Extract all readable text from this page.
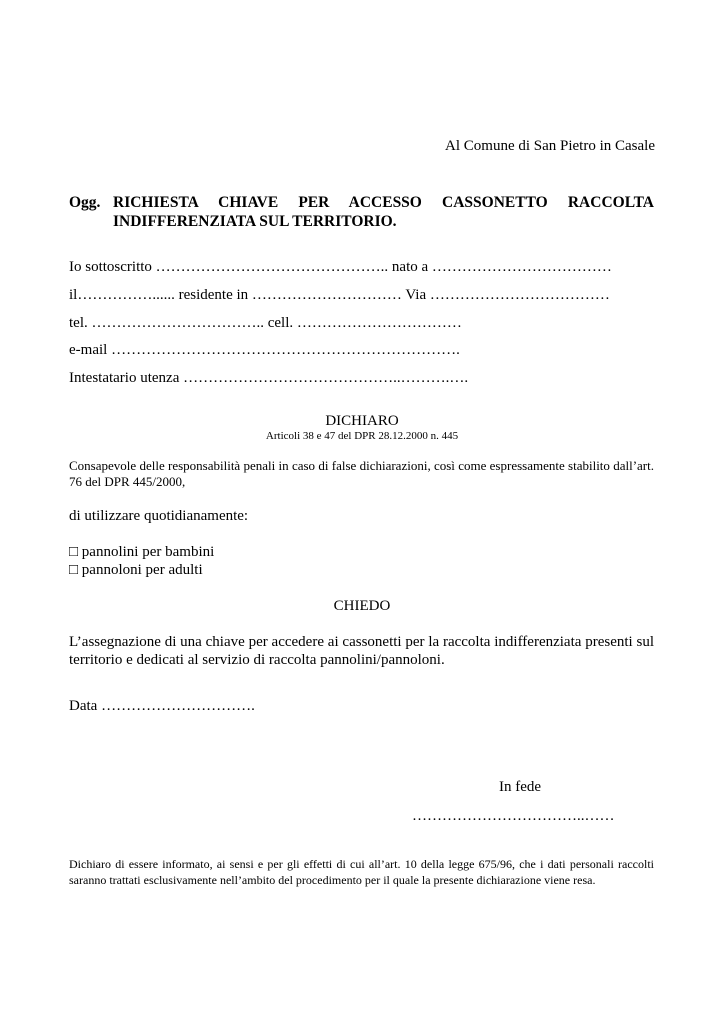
Al Comune di San Pietro in Casale
Ogg. RICHIESTA CHIAVE PER ACCESSO CASSONETTO RACCOLTA
INDIFFERENZIATA SUL TERRITORIO.
Io sottoscritto ……………………………………….. nato a ………………………………
il……………...... residente in ………………………… Via ………………………………
tel. …………………………….. cell. ……………………………
e-mail …………………………………………………………….
Intestatario utenza ……………………………………..……….….
DICHIARO
Articoli 38 e 47 del DPR 28.12.2000 n. 445
Consapevole delle responsabilità penali in caso di false dichiarazioni, così come espressamente stabilito dall’art. 76 del DPR 445/2000,
di utilizzare quotidianamente:
□ pannolini per bambini
□ pannoloni per adulti
CHIEDO
L’assegnazione di una chiave per accedere ai cassonetti per la raccolta indifferenziata presenti sul territorio e dedicati al servizio di raccolta pannolini/pannoloni.
Data ………………………….
In fede
……………………………..……
Dichiaro di essere informato, ai sensi e per gli effetti di cui all’art. 10 della legge 675/96, che i dati personali raccolti saranno trattati esclusivamente nell’ambito del procedimento per il quale la presente dichiarazione viene resa.
